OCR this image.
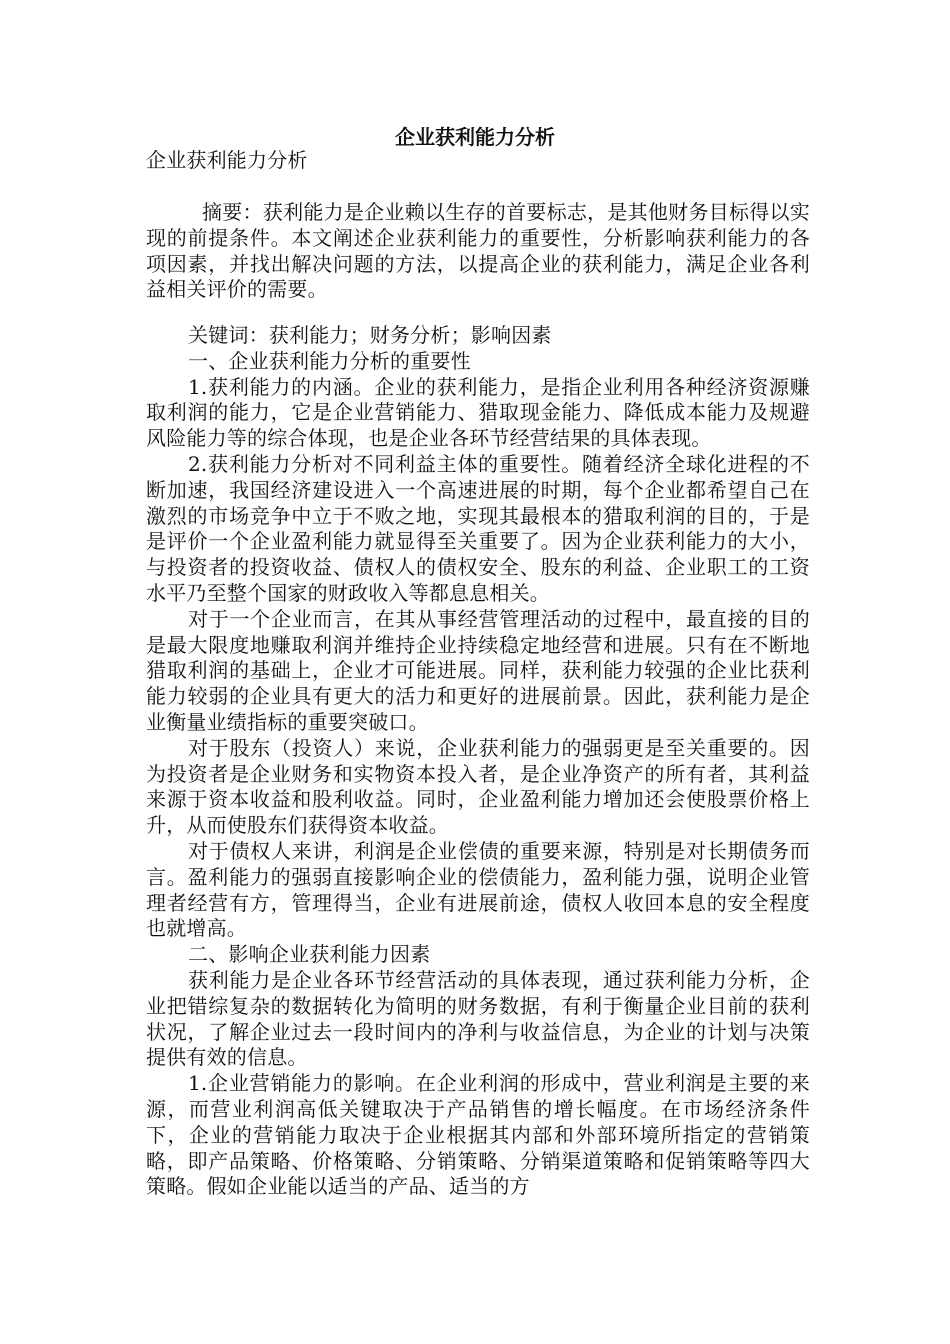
企业获利能力分析

企业获利能力分析

摘要：获利能力是企业赖以生存的首要标志，是其他财务目标得以实现的前提条件。本文阐述企业获利能力的重要性，分析影响获利能力的各项因素，并找出解决问题的方法，以提高企业的获利能力，满足企业各利益相关评价的需要。

关键词：获利能力；财务分析；影响因素

一、企业获利能力分析的重要性

1.获利能力的内涵。企业的获利能力，是指企业利用各种经济资源赚取利润的能力，它是企业营销能力、猎取现金能力、降低成本能力及规避风险能力等的综合体现，也是企业各环节经营结果的具体表现。

2.获利能力分析对不同利益主体的重要性。随着经济全球化进程的不断加速，我国经济建设进入一个高速进展的时期，每个企业都希望自己在激烈的市场竞争中立于不败之地，实现其最根本的猎取利润的目的，于是是评价一个企业盈利能力就显得至关重要了。因为企业获利能力的大小，与投资者的投资收益、债权人的债权安全、股东的利益、企业职工的工资水平乃至整个国家的财政收入等都息息相关。

对于一个企业而言，在其从事经营管理活动的过程中，最直接的目的是最大限度地赚取利润并维持企业持续稳定地经营和进展。只有在不断地猎取利润的基础上，企业才可能进展。同样，获利能力较强的企业比获利能力较弱的企业具有更大的活力和更好的进展前景。因此，获利能力是企业衡量业绩指标的重要突破口。

对于股东（投资人）来说，企业获利能力的强弱更是至关重要的。因为投资者是企业财务和实物资本投入者，是企业净资产的所有者，其利益来源于资本收益和股利收益。同时，企业盈利能力增加还会使股票价格上升，从而使股东们获得资本收益。

对于债权人来讲，利润是企业偿债的重要来源，特别是对长期债务而言。盈利能力的强弱直接影响企业的偿债能力，盈利能力强，说明企业管理者经营有方，管理得当，企业有进展前途，债权人收回本息的安全程度也就增高。

二、影响企业获利能力因素

获利能力是企业各环节经营活动的具体表现，通过获利能力分析，企业把错综复杂的数据转化为简明的财务数据，有利于衡量企业目前的获利状况，了解企业过去一段时间内的净利与收益信息，为企业的计划与决策提供有效的信息。

1.企业营销能力的影响。在企业利润的形成中，营业利润是主要的来源，而营业利润高低关键取决于产品销售的增长幅度。在市场经济条件下，企业的营销能力取决于企业根据其内部和外部环境所指定的营销策略，即产品策略、价格策略、分销策略、分销渠道策略和促销策略等四大策略。假如企业能以适当的产品、适当的方
